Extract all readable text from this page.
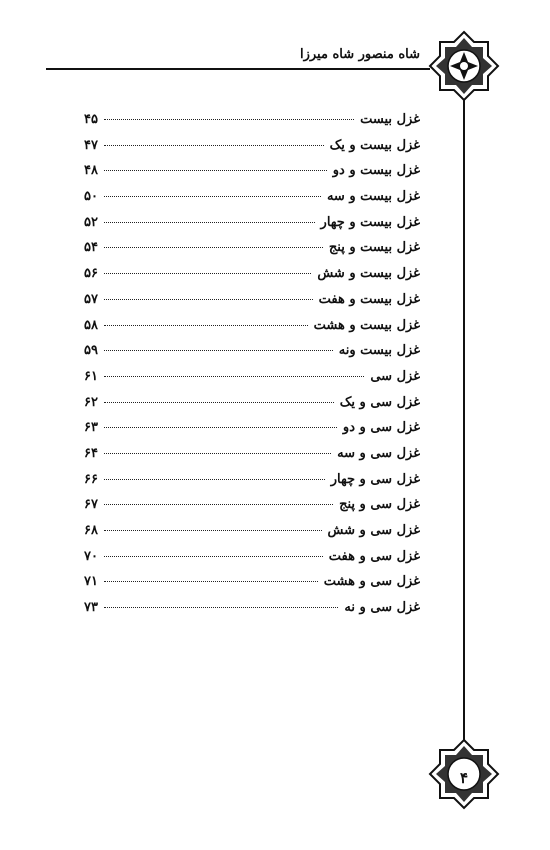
شاه منصور شاه میرزا
غزل بیست
۴۵
غزل بیست و یک
۴۷
غزل بیست و دو
۴۸
غزل بیست و سه
۵۰
غزل بیست و چهار
۵۲
غزل بیست و پنج
۵۴
غزل بیست و شش
۵۶
غزل بیست و هفت
۵۷
غزل بیست و هشت
۵۸
غزل بیست ونه
۵۹
غزل سی
۶۱
غزل سی و یک
۶۲
غزل سی و دو
۶۳
غزل سی و سه
۶۴
غزل سی و چهار
۶۶
غزل سی و پنج
۶۷
غزل سی و شش
۶۸
غزل سی و هفت
۷۰
غزل سی و هشت
۷۱
غزل سی و نه
۷۳
۴
